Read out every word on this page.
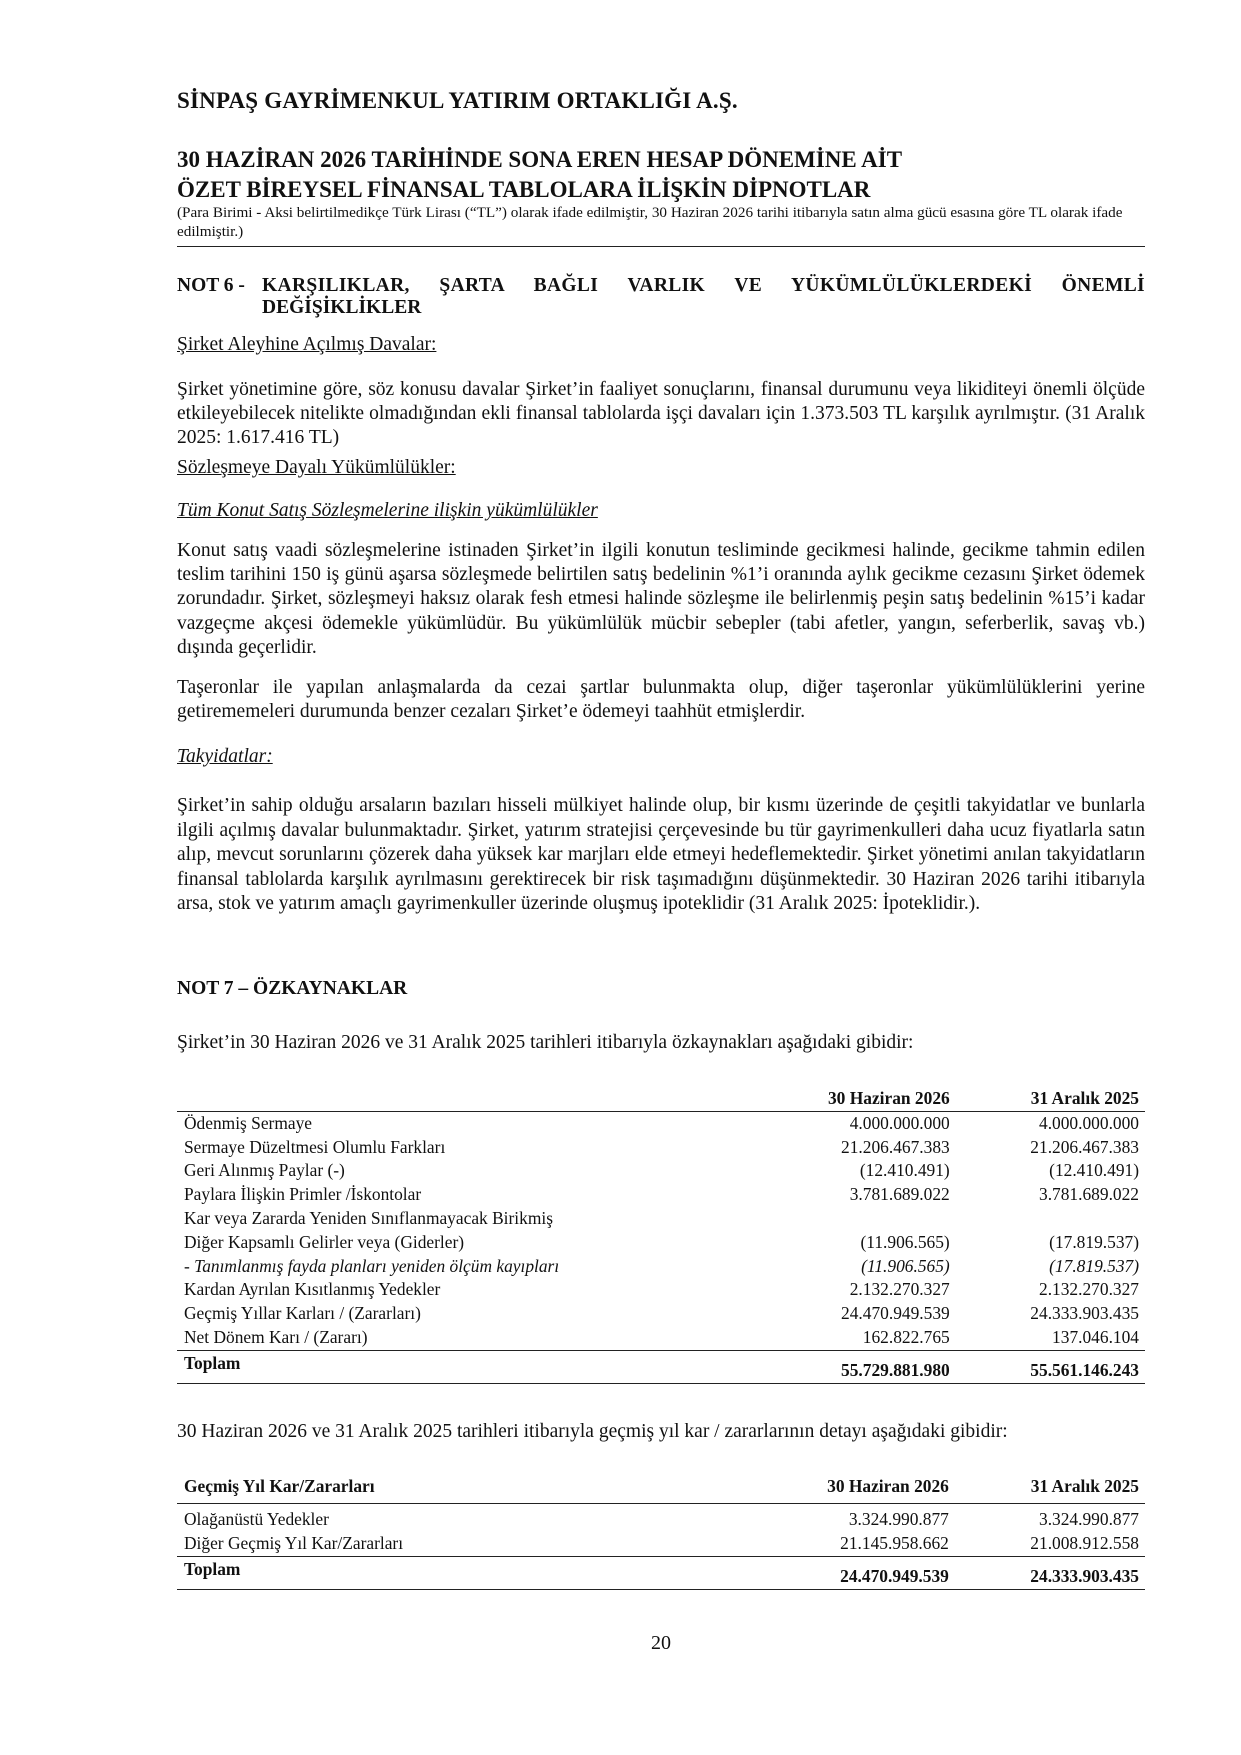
SİNPAŞ GAYRİMENKUL YATIRIM ORTAKLIĞI A.Ş.
30 HAZİRAN 2026 TARİHİNDE SONA EREN HESAP DÖNEMİNE AİT
ÖZET BİREYSEL FİNANSAL TABLOLARA İLİŞKİN DİPNOTLAR
(Para Birimi - Aksi belirtilmedikçe Türk Lirası (“TL”) olarak ifade edilmiştir, 30 Haziran 2026 tarihi itibarıyla satın alma gücü esasına göre TL olarak ifade edilmiştir.)
NOT 6 - KARŞILIKLAR, ŞARTA BAĞLI VARLIK VE YÜKÜMLÜLÜKLERDEKİ ÖNEMLİ
DEĞİŞİKLİKLER
Şirket Aleyhine Açılmış Davalar:
Şirket yönetimine göre, söz konusu davalar Şirket’in faaliyet sonuçlarını, finansal durumunu veya likiditeyi önemli ölçüde etkileyebilecek nitelikte olmadığından ekli finansal tablolarda işçi davaları için 1.373.503 TL karşılık ayrılmıştır. (31 Aralık 2025: 1.617.416 TL)
Sözleşmeye Dayalı Yükümlülükler:
Tüm Konut Satış Sözleşmelerine ilişkin yükümlülükler
Konut satış vaadi sözleşmelerine istinaden Şirket’in ilgili konutun tesliminde gecikmesi halinde, gecikme tahmin edilen teslim tarihini 150 iş günü aşarsa sözleşmede belirtilen satış bedelinin %1’i oranında aylık gecikme cezasını Şirket ödemek zorundadır. Şirket, sözleşmeyi haksız olarak fesh etmesi halinde sözleşme ile belirlenmiş peşin satış bedelinin %15’i kadar vazgeçme akçesi ödemekle yükümlüdür. Bu yükümlülük mücbir sebepler (tabi afetler, yangın, seferberlik, savaş vb.) dışında geçerlidir.
Taşeronlar ile yapılan anlaşmalarda da cezai şartlar bulunmakta olup, diğer taşeronlar yükümlülüklerini yerine getirememeleri durumunda benzer cezaları Şirket’e ödemeyi taahhüt etmişlerdir.
Takyidatlar:
Şirket’in sahip olduğu arsaların bazıları hisseli mülkiyet halinde olup, bir kısmı üzerinde de çeşitli takyidatlar ve bunlarla ilgili açılmış davalar bulunmaktadır. Şirket, yatırım stratejisi çerçevesinde bu tür gayrimenkulleri daha ucuz fiyatlarla satın alıp, mevcut sorunlarını çözerek daha yüksek kar marjları elde etmeyi hedeflemektedir. Şirket yönetimi anılan takyidatların finansal tablolarda karşılık ayrılmasını gerektirecek bir risk taşımadığını düşünmektedir. 30 Haziran 2026 tarihi itibarıyla arsa, stok ve yatırım amaçlı gayrimenkuller üzerinde oluşmuş ipoteklidir (31 Aralık 2025: İpoteklidir.).
NOT 7 – ÖZKAYNAKLAR
Şirket’in 30 Haziran 2026 ve 31 Aralık 2025 tarihleri itibarıyla özkaynakları aşağıdaki gibidir:
	30 Haziran 2026	31 Aralık 2025
Ödenmiş Sermaye	4.000.000.000	4.000.000.000
Sermaye Düzeltmesi Olumlu Farkları	21.206.467.383	21.206.467.383
Geri Alınmış Paylar (-)	(12.410.491)	(12.410.491)
Paylara İlişkin Primler /İskontolar	3.781.689.022	3.781.689.022
Kar veya Zararda Yeniden Sınıflanmayacak Birikmiş		
Diğer Kapsamlı Gelirler veya (Giderler)	(11.906.565)	(17.819.537)
- Tanımlanmış fayda planları yeniden ölçüm kayıpları	(11.906.565)	(17.819.537)
Kardan Ayrılan Kısıtlanmış Yedekler	2.132.270.327	2.132.270.327
Geçmiş Yıllar Karları / (Zararları)	24.470.949.539	24.333.903.435
Net Dönem Karı / (Zararı)	162.822.765	137.046.104
Toplam	55.729.881.980	55.561.146.243
30 Haziran 2026 ve 31 Aralık 2025 tarihleri itibarıyla geçmiş yıl kar / zararlarının detayı aşağıdaki gibidir:
Geçmiş Yıl Kar/Zararları	30 Haziran 2026	31 Aralık 2025
Olağanüstü Yedekler	3.324.990.877	3.324.990.877
Diğer Geçmiş Yıl Kar/Zararları	21.145.958.662	21.008.912.558
Toplam	24.470.949.539	24.333.903.435
20
